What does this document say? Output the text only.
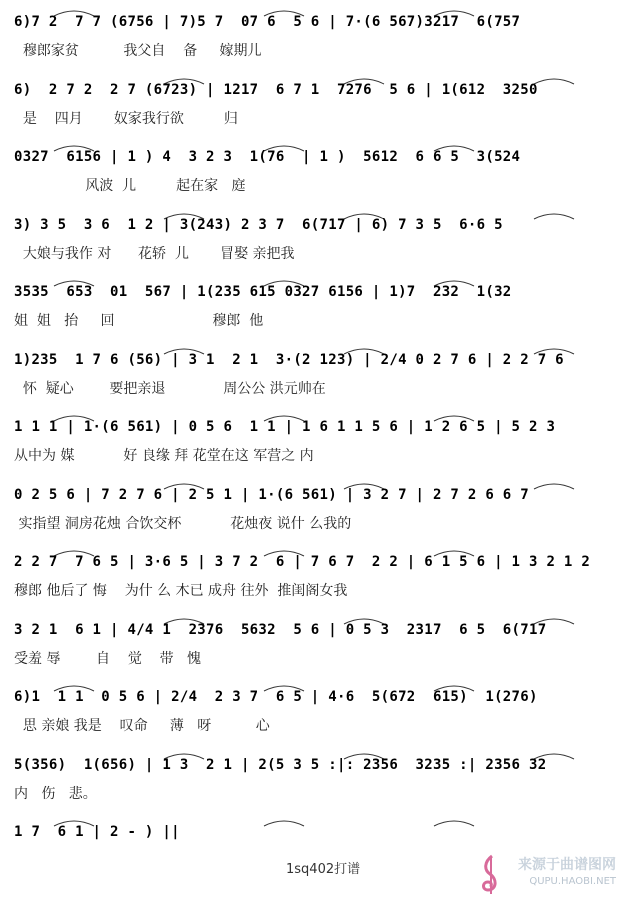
6)7 2  7 7 (6756 | 7)5 7  07 6  5 6 | 7·(6 567)3217  6(757
穆郎家贫          我父自    备     嫁期儿
6)  2 7 2  2 7 (6723) | 1217  6 7 1  7276  5 6 | 1(612  3250
是    四月       奴家我行欲         归
0327  6156 | 1 ) 4  3 2 3  1(76  | 1 )  5612  6 6 5  3(524
风波  儿         起在家   庭
3) 3 5  3 6  1 2 | 3(243) 2 3 7  6(717 | 6) 7 3 5  6·6 5
大娘与我作 对      花轿  儿       冒娶 亲把我
3535  653  01  567 | 1(235 615 0327 6156 | 1)7  232  1(32
姐  姐   抬     回                      穆郎  他
1)235  1 7 6 (56) | 3 1  2 1  3·(2 123) | 2/4 0 2 7 6 | 2 2 7 6
怀  疑心        要把亲退             周公公 洪元帅在
1 1 1 | 1·(6 561) | 0 5 6  1 1 | 1 6 1 1 5 6 | 1 2 6 5 | 5 2 3
从中为 媒           好 良缘 拜 花堂在这 军营之 内
0 2 5 6 | 7 2 7 6 | 2 5 1 | 1·(6 561) | 3 2 7 | 2 7 2 6 6 7
实指望 洞房花烛 合饮交杯           花烛夜 说什 么我的
2 2 7  7 6 5 | 3·6 5 | 3 7 2  6 | 7 6 7  2 2 | 6 1 5 6 | 1 3 2 1 2
穆郎 他后了 悔    为什 么 木已 成舟 往外  推闺阁女我
3 2 1  6 1 | 4/4 1  2376  5632  5 6 | 0 5 3  2317  6 5  6(717
受羞 辱        自    觉    带   愧
6)1  1 1  0 5 6 | 2/4  2 3 7  6 5 | 4·6  5(672  615)  1(276)
思 亲娘 我是    叹命     薄   呀          心
5(356)  1(656) | 1 3  2 1 | 2(5 3 5 :|: 2356  3235 :| 2356 32
内   伤   悲。
1 7  6 1 | 2 - ) ||
1sq402打谱	来源于曲谱图网
QUPU.HAOBI.NET
